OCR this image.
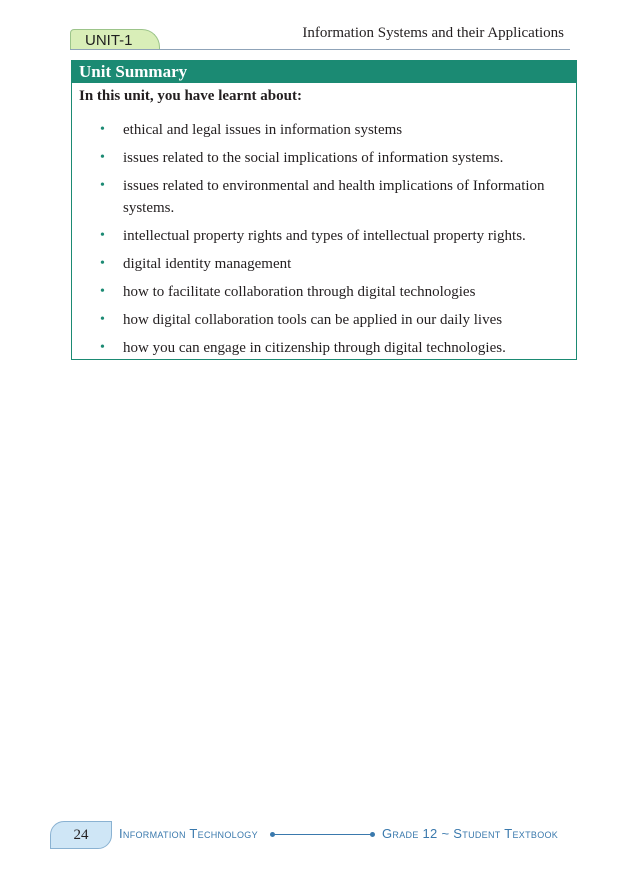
UNIT-1	Information Systems and their Applications
Unit Summary
In this unit, you have learnt about:
• ethical and legal issues in information systems
• issues related to the social implications of information systems.
• issues related to environmental and health implications of Information systems.
• intellectual property rights and types of intellectual property rights.
• digital identity management
• how to facilitate collaboration through digital technologies
• how digital collaboration tools can be applied in our daily lives
• how you can engage in citizenship through digital technologies.
24	Information Technology	Grade 12 ~ Student Textbook
